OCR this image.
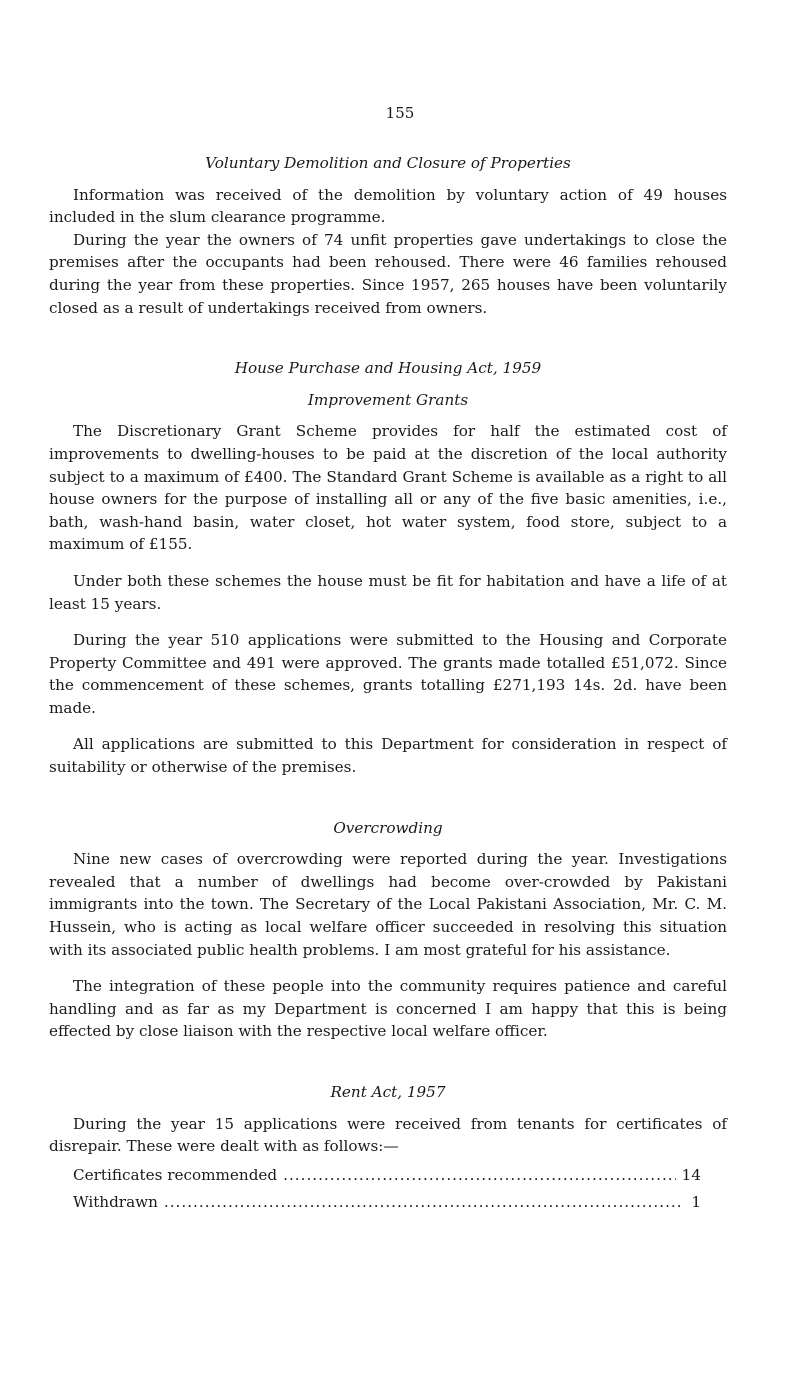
155
Voluntary Demolition and Closure of Properties

Information was received of the demolition by voluntary action of 49 houses included in the slum clearance programme.

During the year the owners of 74 unfit properties gave undertakings to close the premises after the occupants had been rehoused. There were 46 families rehoused during the year from these properties. Since 1957, 265 houses have been voluntarily closed as a result of undertakings received from owners.

House Purchase and Housing Act, 1959
Improvement Grants

The Discretionary Grant Scheme provides for half the estimated cost of improvements to dwelling-houses to be paid at the discretion of the local authority subject to a maximum of £400. The Standard Grant Scheme is available as a right to all house owners for the purpose of installing all or any of the five basic amenities, i.e., bath, wash-hand basin, water closet, hot water system, food store, subject to a maximum of £155.

Under both these schemes the house must be fit for habitation and have a life of at least 15 years.

During the year 510 applications were submitted to the Housing and Corporate Property Committee and 491 were approved. The grants made totalled £51,072. Since the commencement of these schemes, grants totalling £271,193 14s. 2d. have been made.

All applications are submitted to this Department for consideration in respect of suitability or otherwise of the premises.

Overcrowding

Nine new cases of overcrowding were reported during the year. Investigations revealed that a number of dwellings had become over-crowded by Pakistani immigrants into the town. The Secretary of the Local Pakistani Association, Mr. C. M. Hussein, who is acting as local welfare officer succeeded in resolving this situation with its associated public health problems. I am most grateful for his assistance.

The integration of these people into the community requires patience and careful handling and as far as my Department is concerned I am happy that this is being effected by close liaison with the respective local welfare officer.

Rent Act, 1957

During the year 15 applications were received from tenants for certificates of disrepair. These were dealt with as follows:—

Certificates recommended .....	14
Withdrawn .....	1
